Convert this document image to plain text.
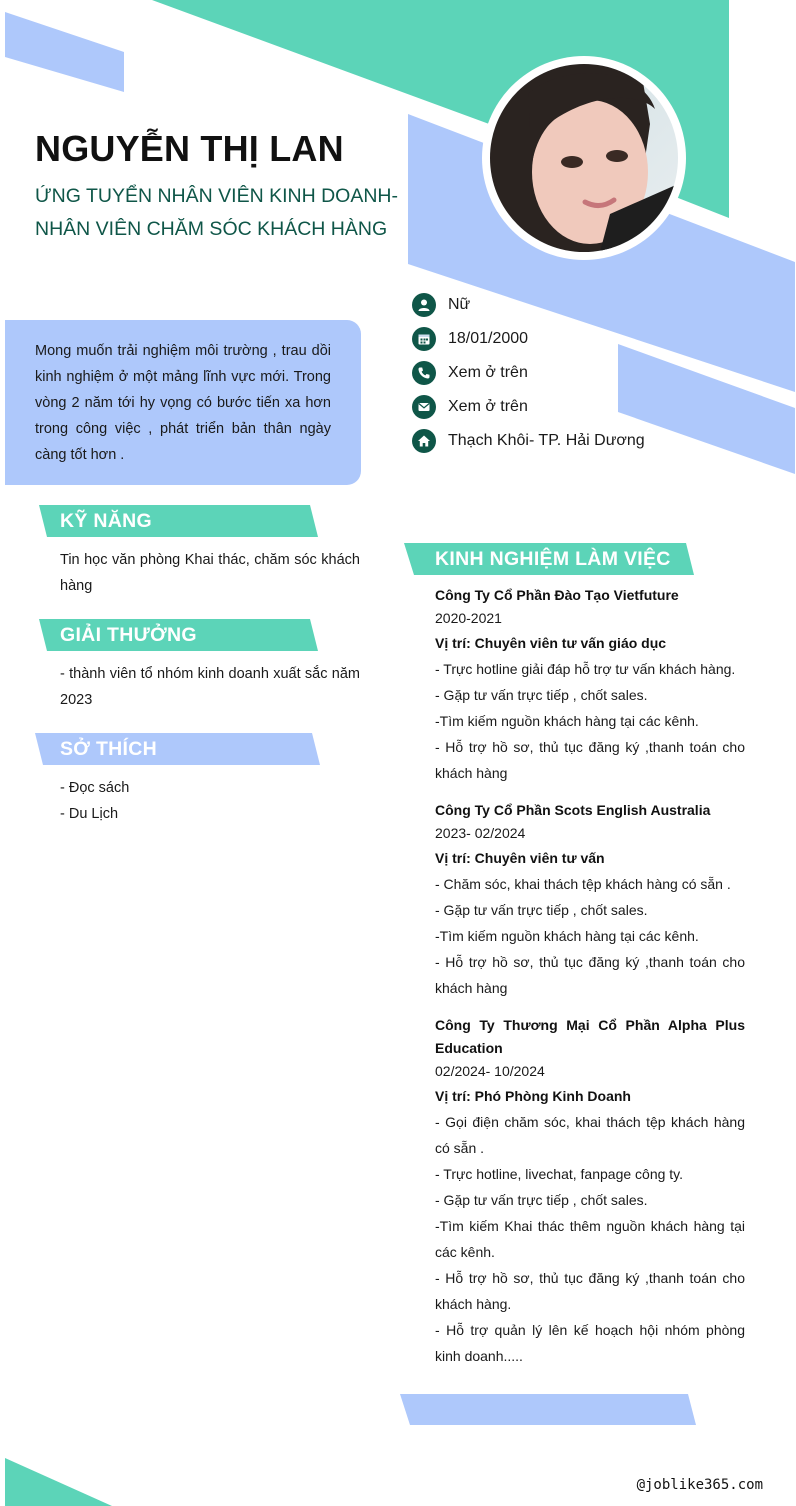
NGUYỄN THỊ LAN
ỨNG TUYỂN NHÂN VIÊN KINH DOANH- NHÂN VIÊN CHĂM SÓC KHÁCH HÀNG

Mong muốn trải nghiệm môi trường , trau dồi kinh nghiệm ở một mảng lĩnh vực mới. Trong vòng 2 năm tới hy vọng có bước tiến xa hơn trong công việc , phát triển bản thân ngày càng tốt hơn .

Nữ
18/01/2000
Xem ở trên
Xem ở trên
Thạch Khôi- TP. Hải Dương
KỸ NĂNG
Tin học văn phòng Khai thác, chăm sóc khách hàng
GIẢI THƯỞNG
- thành viên tổ nhóm kinh doanh xuất sắc năm 2023
SỞ THÍCH
- Đọc sách
- Du Lịch
KINH NGHIỆM LÀM VIỆC
Công Ty Cổ Phần Đào Tạo Vietfuture
2020-2021
Vị trí: Chuyên viên tư vấn giáo dục
- Trực hotline giải đáp hỗ trợ tư vấn khách hàng.
- Gặp tư vấn trực tiếp , chốt sales.
-Tìm kiếm nguồn khách hàng tại các kênh.
- Hỗ trợ hồ sơ, thủ tục đăng ký ,thanh toán cho khách hàng
Công Ty Cổ Phần Scots English Australia
2023- 02/2024
Vị trí: Chuyên viên tư vấn
- Chăm sóc, khai thách tệp khách hàng có sẵn .
- Gặp tư vấn trực tiếp , chốt sales.
-Tìm kiếm nguồn khách hàng tại các kênh.
- Hỗ trợ hồ sơ, thủ tục đăng ký ,thanh toán cho khách hàng
Công Ty Thương Mại Cổ Phần Alpha Plus Education
02/2024- 10/2024
Vị trí: Phó Phòng Kinh Doanh
- Gọi điện chăm sóc, khai thách tệp khách hàng có sẵn .
- Trực hotline, livechat, fanpage công ty.
- Gặp tư vấn trực tiếp , chốt sales.
-Tìm kiếm Khai thác thêm nguồn khách hàng tại các kênh.
- Hỗ trợ hồ sơ, thủ tục đăng ký ,thanh toán cho khách hàng.
- Hỗ trợ quản lý lên kế hoạch hội nhóm phòng kinh doanh.....
@joblike365.com
